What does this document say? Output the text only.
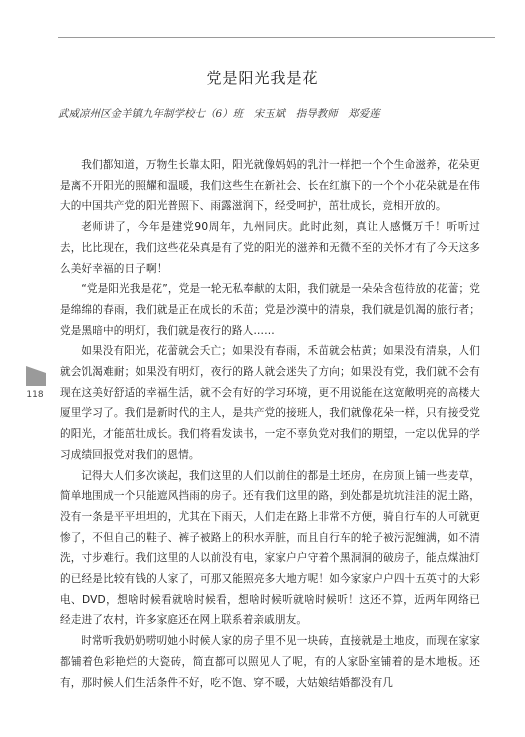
党是阳光我是花
武威凉州区金羊镇九年制学校七（6）班　宋玉斌　指导教师　郑爱莲

我们都知道，万物生长靠太阳，阳光就像妈妈的乳汁一样把一个个生命滋养，花朵更是离不开阳光的照耀和温暖，我们这些生在新社会、长在红旗下的一个个小花朵就是在伟大的中国共产党的阳光普照下、雨露滋润下，经受呵护，茁壮成长，竞相开放的。

老师讲了，今年是建党90周年，九州同庆。此时此刻，真让人感慨万千！听听过去，比比现在，我们这些花朵真是有了党的阳光的滋养和无微不至的关怀才有了今天这多么美好幸福的日子啊！

“党是阳光我是花”，党是一轮无私奉献的太阳，我们就是一朵朵含苞待放的花蕾；党是绵绵的春雨，我们就是正在成长的禾苗；党是沙漠中的清泉，我们就是饥渴的旅行者；党是黑暗中的明灯，我们就是夜行的路人……

如果没有阳光，花蕾就会夭亡；如果没有春雨，禾苗就会枯黄；如果没有清泉，人们就会饥渴难耐；如果没有明灯，夜行的路人就会迷失了方向；如果没有党，我们就不会有现在这美好舒适的幸福生活，就不会有好的学习环境，更不用说能在这宽敞明亮的高楼大厦里学习了。我们是新时代的主人，是共产党的接班人，我们就像花朵一样，只有接受党的阳光，才能茁壮成长。我们将看发读书，一定不辜负党对我们的期望，一定以优异的学习成绩回报党对我们的恩情。

记得大人们多次谈起，我们这里的人们以前住的都是土坯房，在房顶上铺一些麦草，简单地围成一个只能遮风挡雨的房子。还有我们这里的路，到处都是坑坑洼洼的泥土路，没有一条是平平坦坦的，尤其在下雨天，人们走在路上非常不方便，骑自行车的人可就更惨了，不但自己的鞋子、裤子被路上的积水弄脏，而且自行车的轮子被污泥缠满，如不清洗，寸步难行。我们这里的人以前没有电，家家户户守着个黑洞洞的破房子，能点煤油灯的已经是比较有钱的人家了，可那又能照亮多大地方呢！如今家家户户四十五英寸的大彩电、DVD，想啥时候看就啥时候看，想啥时候听就啥时候听！这还不算，近两年网络已经走进了农村，许多家庭还在网上联系着亲戚朋友。

时常听我奶奶唠叨她小时候人家的房子里不见一块砖，直接就是土地皮，而现在家家都铺着色彩艳烂的大瓷砖，简直都可以照见人了呢，有的人家卧室铺着的是木地板。还有，那时候人们生活条件不好，吃不饱、穿不暖，大姑娘结婚都没有几

118
